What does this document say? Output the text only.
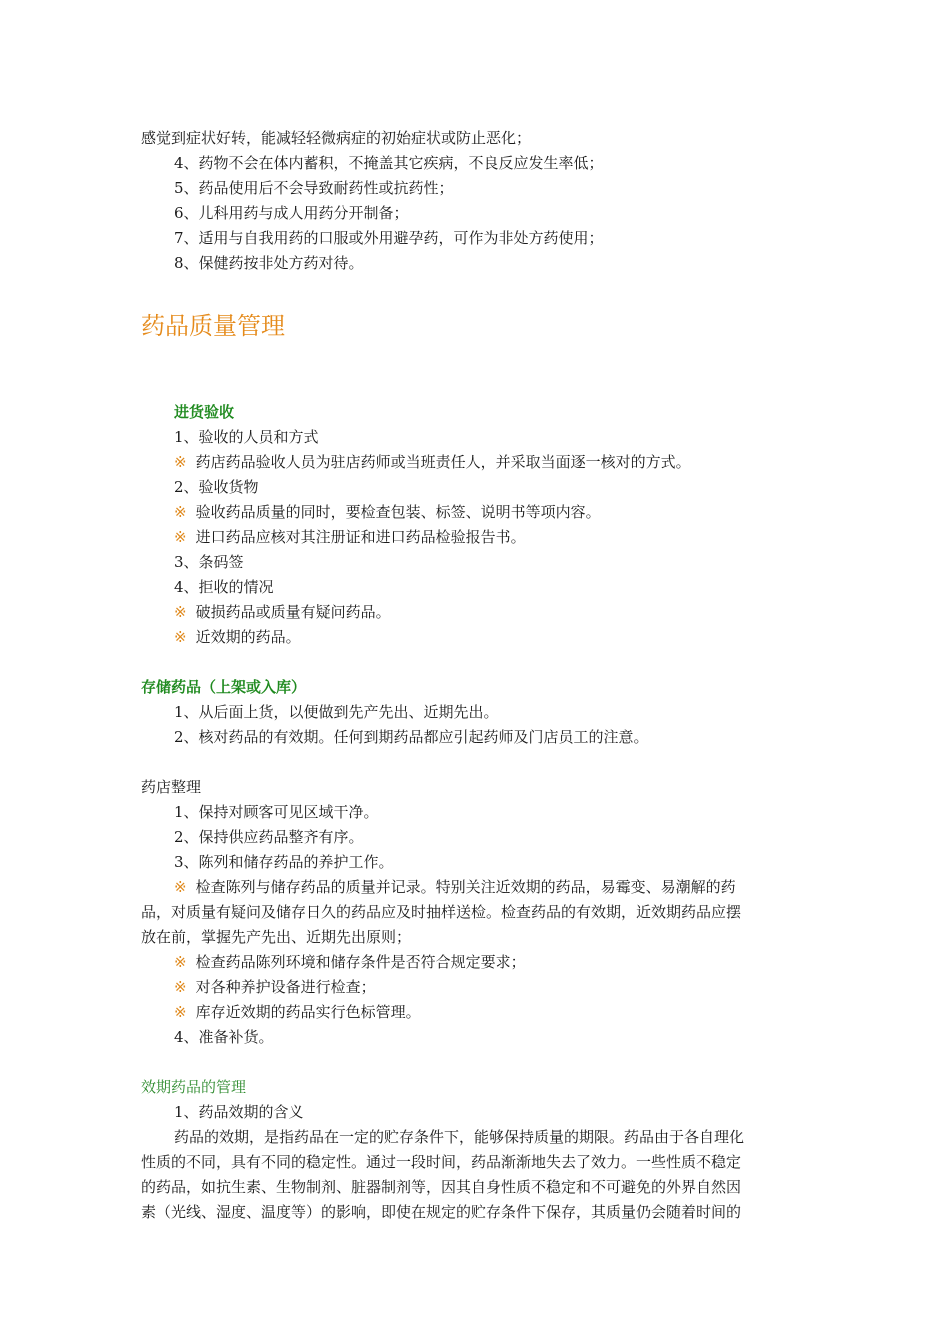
感觉到症状好转，能减轻轻微病症的初始症状或防止恶化；
4、药物不会在体内蓄积，不掩盖其它疾病，不良反应发生率低；
5、药品使用后不会导致耐药性或抗药性；
6、儿科用药与成人用药分开制备；
7、适用与自我用药的口服或外用避孕药，可作为非处方药使用；
8、保健药按非处方药对待。
药品质量管理
进货验收
1、验收的人员和方式
※ 药店药品验收人员为驻店药师或当班责任人，并采取当面逐一核对的方式。
2、验收货物
※ 验收药品质量的同时，要检查包装、标签、说明书等项内容。
※ 进口药品应核对其注册证和进口药品检验报告书。
3、条码签
4、拒收的情况
※ 破损药品或质量有疑问药品。
※ 近效期的药品。
存储药品（上架或入库）
1、从后面上货，以便做到先产先出、近期先出。
2、核对药品的有效期。任何到期药品都应引起药师及门店员工的注意。
药店整理
1、保持对顾客可见区域干净。
2、保持供应药品整齐有序。
3、陈列和储存药品的养护工作。
※ 检查陈列与储存药品的质量并记录。特别关注近效期的药品，易霉变、易潮解的药
品，对质量有疑问及储存日久的药品应及时抽样送检。检查药品的有效期，近效期药品应摆
放在前，掌握先产先出、近期先出原则；
※ 检查药品陈列环境和储存条件是否符合规定要求；
※ 对各种养护设备进行检查；
※ 库存近效期的药品实行色标管理。
4、准备补货。
效期药品的管理
1、药品效期的含义
药品的效期，是指药品在一定的贮存条件下，能够保持质量的期限。药品由于各自理化
性质的不同，具有不同的稳定性。通过一段时间，药品渐渐地失去了效力。一些性质不稳定
的药品，如抗生素、生物制剂、脏器制剂等，因其自身性质不稳定和不可避免的外界自然因
素（光线、湿度、温度等）的影响，即使在规定的贮存条件下保存，其质量仍会随着时间的
